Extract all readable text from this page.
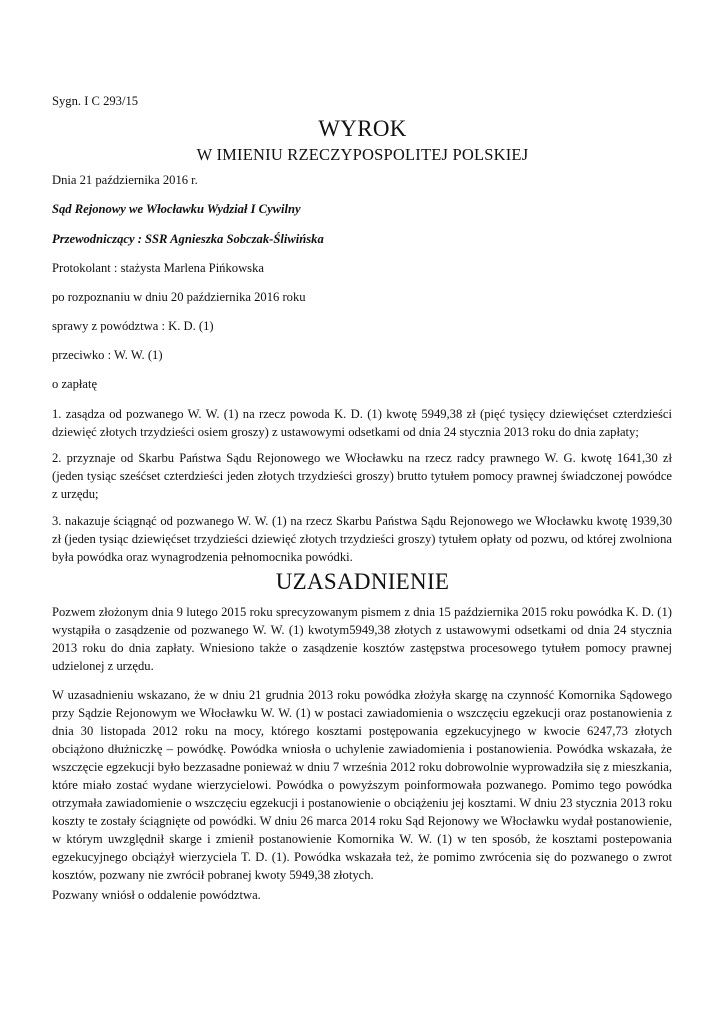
Sygn. I C 293/15
WYROK
W IMIENIU RZECZYPOSPOLITEJ POLSKIEJ
Dnia 21 października 2016 r.
Sąd Rejonowy we Włocławku Wydział I Cywilny
Przewodniczący : SSR Agnieszka Sobczak-Śliwińska
Protokolant : stażysta Marlena Pińkowska
po rozpoznaniu w dniu 20 października 2016 roku
sprawy z powództwa : K. D. (1)
przeciwko : W. W. (1)
o zapłatę
1. zasądza od pozwanego W. W. (1) na rzecz powoda K. D. (1) kwotę 5949,38 zł (pięć tysięcy dziewięćset czterdzieści dziewięć złotych trzydzieści osiem groszy) z ustawowymi odsetkami od dnia 24 stycznia 2013 roku do dnia zapłaty;
2. przyznaje od Skarbu Państwa Sądu Rejonowego we Włocławku na rzecz radcy prawnego W. G. kwotę 1641,30 zł (jeden tysiąc sześćset czterdzieści jeden złotych trzydzieści groszy) brutto tytułem pomocy prawnej świadczonej powódce z urzędu;
3. nakazuje ściągnąć od pozwanego W. W. (1) na rzecz Skarbu Państwa Sądu Rejonowego we Włocławku kwotę 1939,30 zł (jeden tysiąc dziewięćset trzydzieści dziewięć złotych trzydzieści groszy) tytułem opłaty od pozwu, od której zwolniona była powódka oraz wynagrodzenia pełnomocnika powódki.
UZASADNIENIE
Pozwem złożonym dnia 9 lutego 2015 roku sprecyzowanym pismem z dnia 15 października 2015 roku powódka K. D. (1) wystąpiła o zasądzenie od pozwanego W. W. (1) kwotym5949,38 złotych z ustawowymi odsetkami od dnia 24 stycznia 2013 roku do dnia zapłaty. Wniesiono także o zasądzenie kosztów zastępstwa procesowego tytułem pomocy prawnej udzielonej z urzędu.
W uzasadnieniu wskazano, że w dniu 21 grudnia 2013 roku powódka złożyła skargę na czynność Komornika Sądowego przy Sądzie Rejonowym we Włocławku W. W. (1) w postaci zawiadomienia o wszczęciu egzekucji oraz postanowienia z dnia 30 listopada 2012 roku na mocy, którego kosztami postępowania egzekucyjnego w kwocie 6247,73 złotych obciążono dłużniczkę – powódkę. Powódka wniosła o uchylenie zawiadomienia i postanowienia. Powódka wskazała, że wszczęcie egzekucji było bezzasadne ponieważ w dniu 7 września 2012 roku dobrowolnie wyprowadziła się z mieszkania, które miało zostać wydane wierzycielowi. Powódka o powyższym poinformowała pozwanego. Pomimo tego powódka otrzymała zawiadomienie o wszczęciu egzekucji i postanowienie o obciążeniu jej kosztami. W dniu 23 stycznia 2013 roku koszty te zostały ściągnięte od powódki. W dniu 26 marca 2014 roku Sąd Rejonowy we Włocławku wydał postanowienie, w którym uwzględnił skarge i zmienił postanowienie Komornika W. W. (1) w ten sposób, że kosztami postepowania egzekucyjnego obciążył wierzyciela T. D. (1). Powódka wskazała też, że pomimo zwrócenia się do pozwanego o zwrot kosztów, pozwany nie zwrócił pobranej kwoty 5949,38 złotych.
Pozwany wniósł o oddalenie powództwa.
